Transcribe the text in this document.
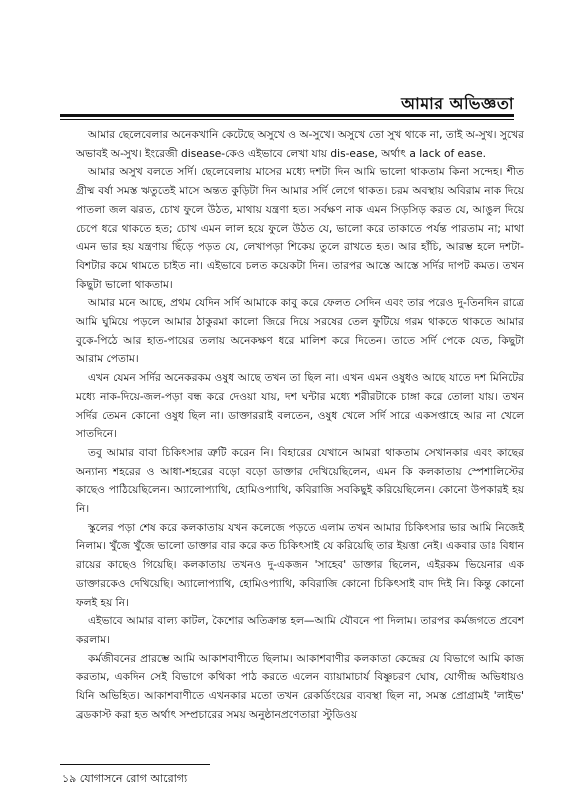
আমার অভিজ্ঞতা

আমার ছেলেবেলার অনেকখানি কেটেছে অসুখে ও অ-সুখে। অসুখে তো সুখ থাকে না, তাই অ-সুখ। সুখের অভাবই অ-সুখ। ইংরেজী disease-কেও এইভাবে লেখা যায় dis-ease, অর্থাৎ a lack of ease.

আমার অসুখ বলতে সর্দি। ছেলেবেলায় মাসের মধ্যে দশটা দিন আমি ভালো থাকতাম কিনা সন্দেহ। শীত গ্রীষ্ম বর্ষা সমস্ত ঋতুতেই মাসে অন্তত কুড়িটা দিন আমার সর্দি লেগে থাকত। চরম অবস্থায় অবিরাম নাক দিয়ে পাতলা জল ঝরত, চোখ ফুলে উঠত, মাথায় যন্ত্রণা হত। সর্বক্ষণ নাক এমন সিড়সিড় করত যে, আঙুল দিয়ে চেপে ধরে থাকতে হত; চোখ এমন লাল হয়ে ফুলে উঠত যে, ভালো করে তাকাতে পর্যন্ত পারতাম না; মাথা এমন ভার হয় যন্ত্রণায় ছিঁড়ে পড়ত যে, লেখাপড়া শিকেয় তুলে রাখতে হত। আর হাঁচি, আরম্ভ হলে দশটা-বিশটার কমে থামতে চাইত না। এইভাবে চলত কয়েকটা দিন। তারপর আস্তে আস্তে সর্দির দাপট কমত। তখন কিছুটা ভালো থাকতাম।

আমার মনে আছে, প্রথম যেদিন সর্দি আমাকে কাবু করে ফেলত সেদিন এবং তার পরেও দু-তিনদিন রাত্রে আমি ঘুমিয়ে পড়লে আমার ঠাকুরমা কালো জিরে দিয়ে সরষের তেল ফুটিয়ে গরম থাকতে থাকতে আমার বুকে-পিঠে আর হাত-পায়ের তলায় অনেকক্ষণ ধরে মালিশ করে দিতেন। তাতে সর্দি পেকে যেত, কিছুটা আরাম পেতাম।

এখন যেমন সর্দির অনেকরকম ওষুধ আছে তখন তা ছিল না। এখন এমন ওষুধও আছে যাতে দশ মিনিটের মধ্যে নাক-দিয়ে-জল-পড়া বন্ধ করে দেওয়া যায়, দশ ঘন্টার মধ্যে শরীরটাকে চাঙ্গা করে তোলা যায়। তখন সর্দির তেমন কোনো ওষুধ ছিল না। ডাক্তাররাই বলতেন, ওষুধ খেলে সর্দি সারে একসপ্তাহে আর না খেলে সাতদিনে।

তবু আমার বাবা চিকিৎসার ত্রুটি করেন নি। বিহারের যেখানে আমরা থাকতাম সেখানকার এবং কাছের অন্যান্য শহরের ও আধা-শহরের বড়ো বড়ো ডাক্তার দেখিয়েছিলেন, এমন কি কলকাতায় স্পেশালিস্টের কাছেও পাঠিয়েছিলেন। অ্যালোপ্যাথি, হোমিওপ্যাথি, কবিরাজি সবকিছুই করিয়েছিলেন। কোনো উপকারই হয় নি।

স্কুলের পড়া শেষ করে কলকাতায় যখন কলেজে পড়তে এলাম তখন আমার চিকিৎসার ভার আমি নিজেই নিলাম। খুঁজে খুঁজে ভালো ডাক্তার বার করে কত চিকিৎসাই যে করিয়েছি তার ইয়ত্তা নেই। একবার ডাঃ বিধান রায়ের কাছেও গিয়েছি। কলকাতায় তখনও দু-একজন 'সাহেব' ডাক্তার ছিলেন, এইরকম ভিয়েনার এক ডাক্তারকেও দেখিয়েছি। অ্যালোপ্যাথি, হোমিওপ্যাথি, কবিরাজি কোনো চিকিৎসাই বাদ দিই নি। কিন্তু কোনো ফলই হয় নি।

এইভাবে আমার বাল্য কাটল, কৈশোর অতিক্রান্ত হল—আমি যৌবনে পা দিলাম। তারপর কর্মজগতে প্রবেশ করলাম।

কর্মজীবনের প্রারম্ভে আমি আকাশবাণীতে ছিলাম। আকাশবাণীর কলকাতা কেন্দ্রের যে বিভাগে আমি কাজ করতাম, একদিন সেই বিভাগে কথিকা পাঠ করতে এলেন ব্যায়ামাচার্য বিষ্ণুচরণ ঘোষ, যোগীন্দ্র অভিধায়ও যিনি অভিহিত। আকাশবাণীতে এখনকার মতো তখন রেকর্ডিংয়ের ব্যবস্থা ছিল না, সমস্ত প্রোগ্রামই 'লাইভ' ব্রডকাস্ট করা হত অর্থাৎ সম্প্রচারের সময় অনুষ্ঠানপ্রণেতারা স্টুডিওয়

১৯ যোগাসনে রোগ আরোগ্য
